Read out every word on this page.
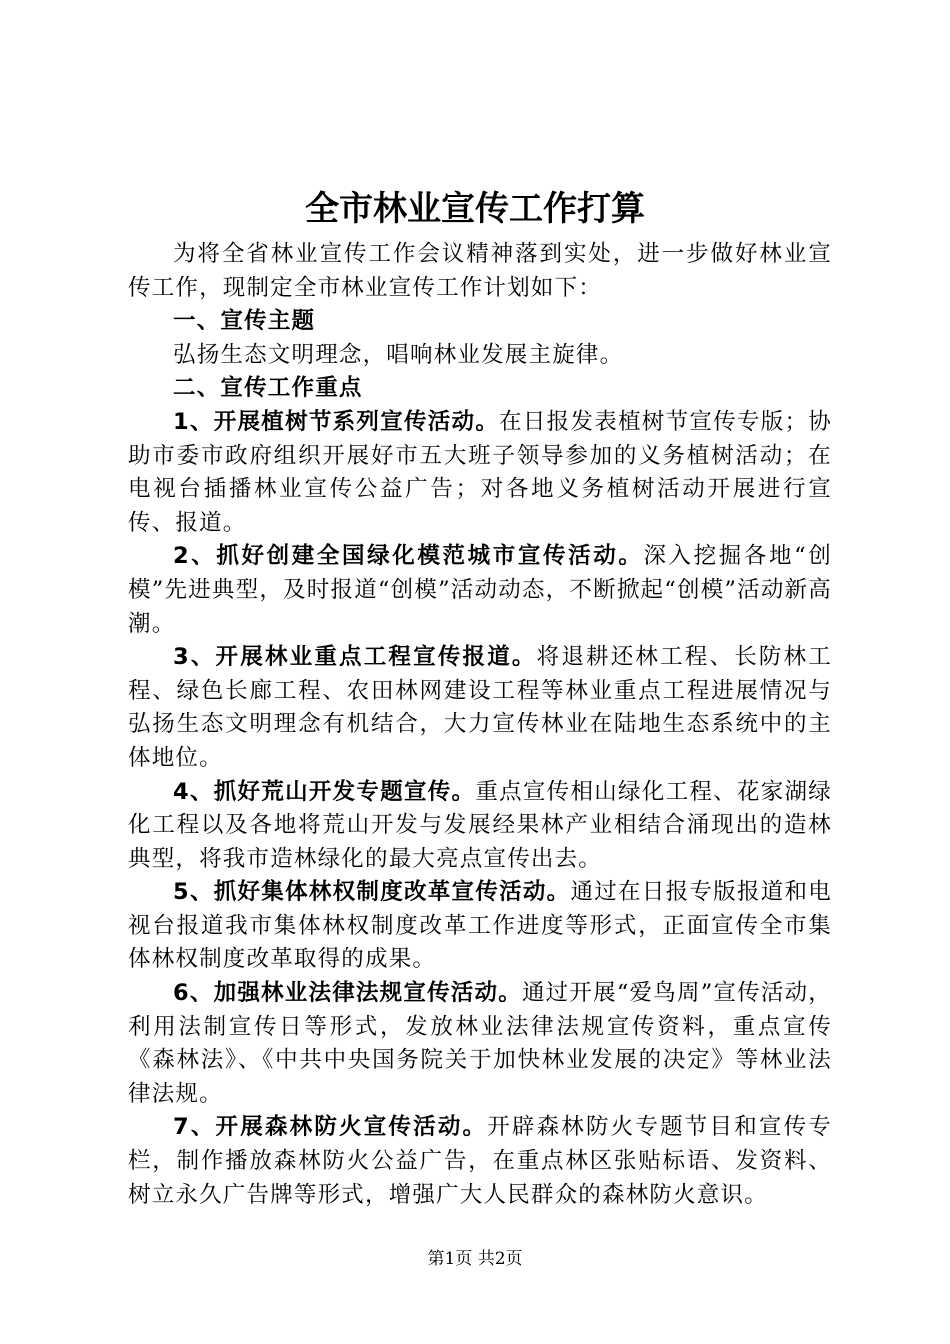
全市林业宣传工作打算

为将全省林业宣传工作会议精神落到实处，进一步做好林业宣传工作，现制定全市林业宣传工作计划如下：

一、宣传主题

弘扬生态文明理念，唱响林业发展主旋律。

二、宣传工作重点

1、开展植树节系列宣传活动。在日报发表植树节宣传专版；协助市委市政府组织开展好市五大班子领导参加的义务植树活动；在电视台插播林业宣传公益广告；对各地义务植树活动开展进行宣传、报道。

2、抓好创建全国绿化模范城市宣传活动。深入挖掘各地“创模”先进典型，及时报道“创模”活动动态，不断掀起“创模”活动新高潮。

3、开展林业重点工程宣传报道。将退耕还林工程、长防林工程、绿色长廊工程、农田林网建设工程等林业重点工程进展情况与弘扬生态文明理念有机结合，大力宣传林业在陆地生态系统中的主体地位。

4、抓好荒山开发专题宣传。重点宣传相山绿化工程、花家湖绿化工程以及各地将荒山开发与发展经果林产业相结合涌现出的造林典型，将我市造林绿化的最大亮点宣传出去。

5、抓好集体林权制度改革宣传活动。通过在日报专版报道和电视台报道我市集体林权制度改革工作进度等形式，正面宣传全市集体林权制度改革取得的成果。

6、加强林业法律法规宣传活动。通过开展“爱鸟周”宣传活动，利用法制宣传日等形式，发放林业法律法规宣传资料，重点宣传《森林法》、《中共中央国务院关于加快林业发展的决定》等林业法律法规。

7、开展森林防火宣传活动。开辟森林防火专题节目和宣传专栏，制作播放森林防火公益广告，在重点林区张贴标语、发资料、树立永久广告牌等形式，增强广大人民群众的森林防火意识。

第1页 共2页
